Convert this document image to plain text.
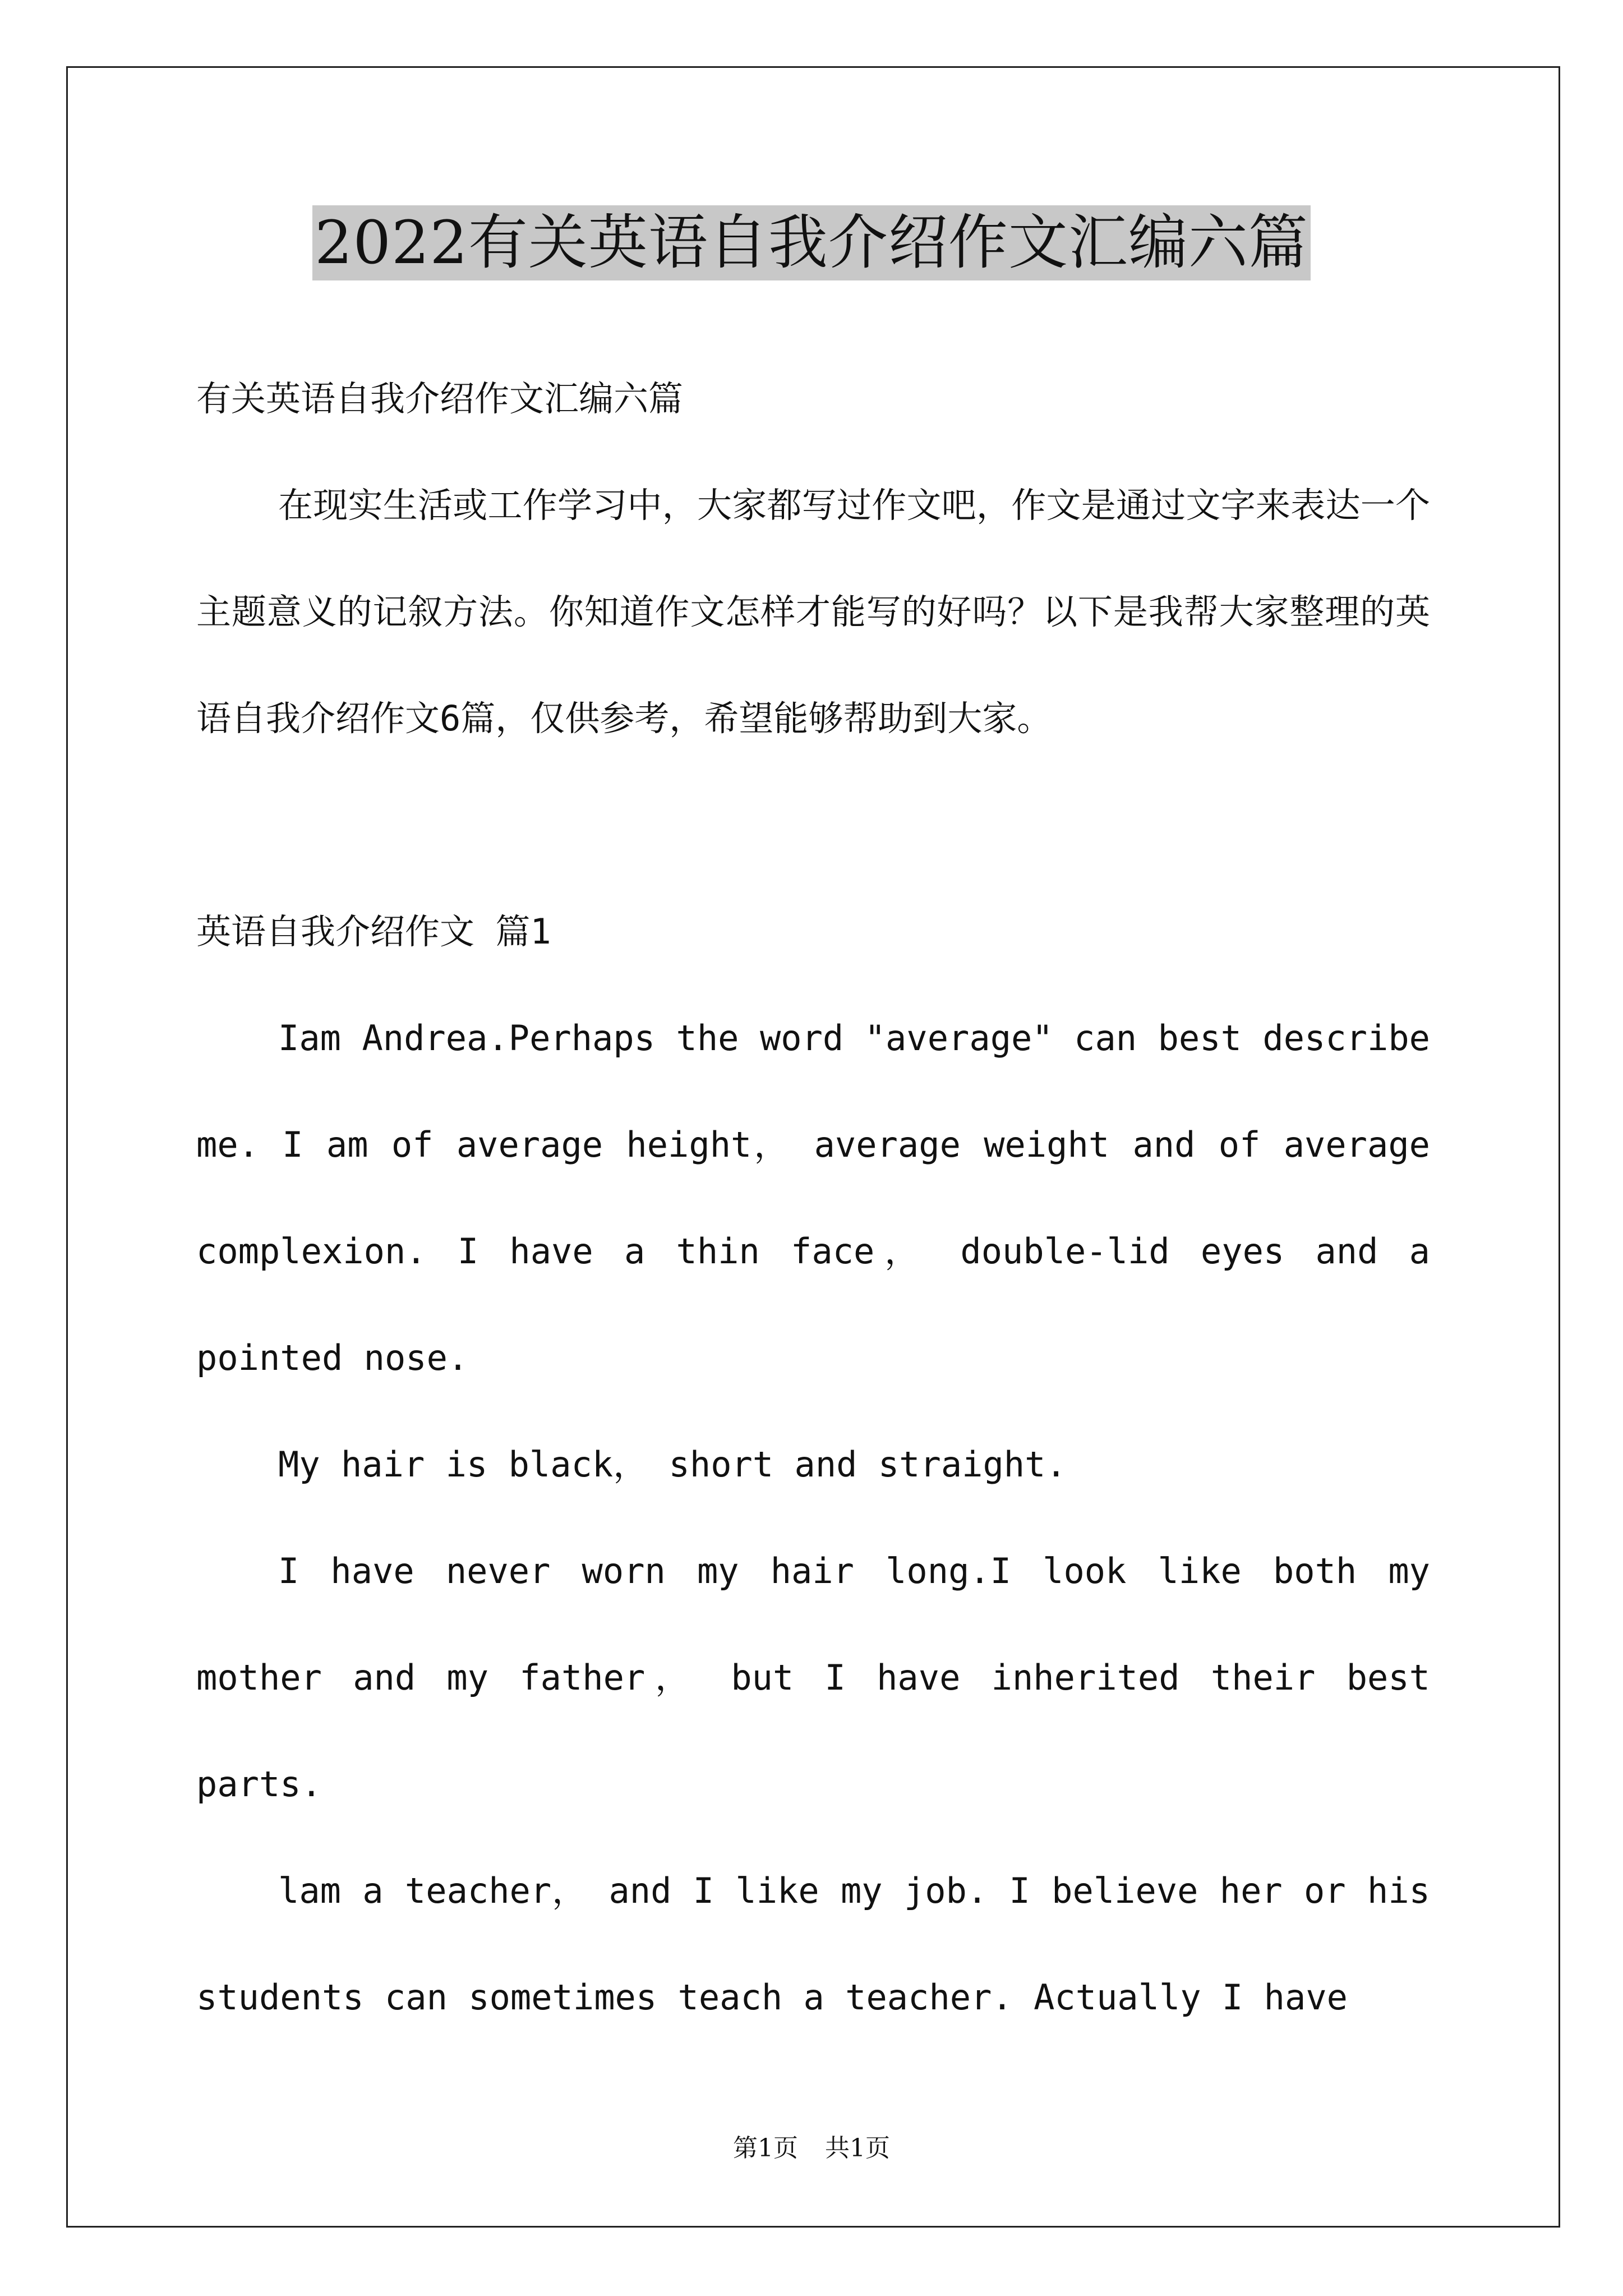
2022有关英语自我介绍作文汇编六篇

有关英语自我介绍作文汇编六篇

在现实生活或工作学习中，大家都写过作文吧，作文是通过文字来表达一个主题意义的记叙方法。你知道作文怎样才能写的好吗？以下是我帮大家整理的英语自我介绍作文6篇，仅供参考，希望能够帮助到大家。

英语自我介绍作文 篇1

Iam Andrea.Perhaps the word "average" can best describe me. I am of average height， average weight and of average complexion. I have a thin face， double-lid eyes and a pointed nose.

My hair is black， short and straight.

I have never worn my hair long.I look like both my mother and my father， but I have inherited their best parts.

lam a teacher， and I like my job. I believe her or his students can sometimes teach a teacher. Actually I have

第1页 共1页
